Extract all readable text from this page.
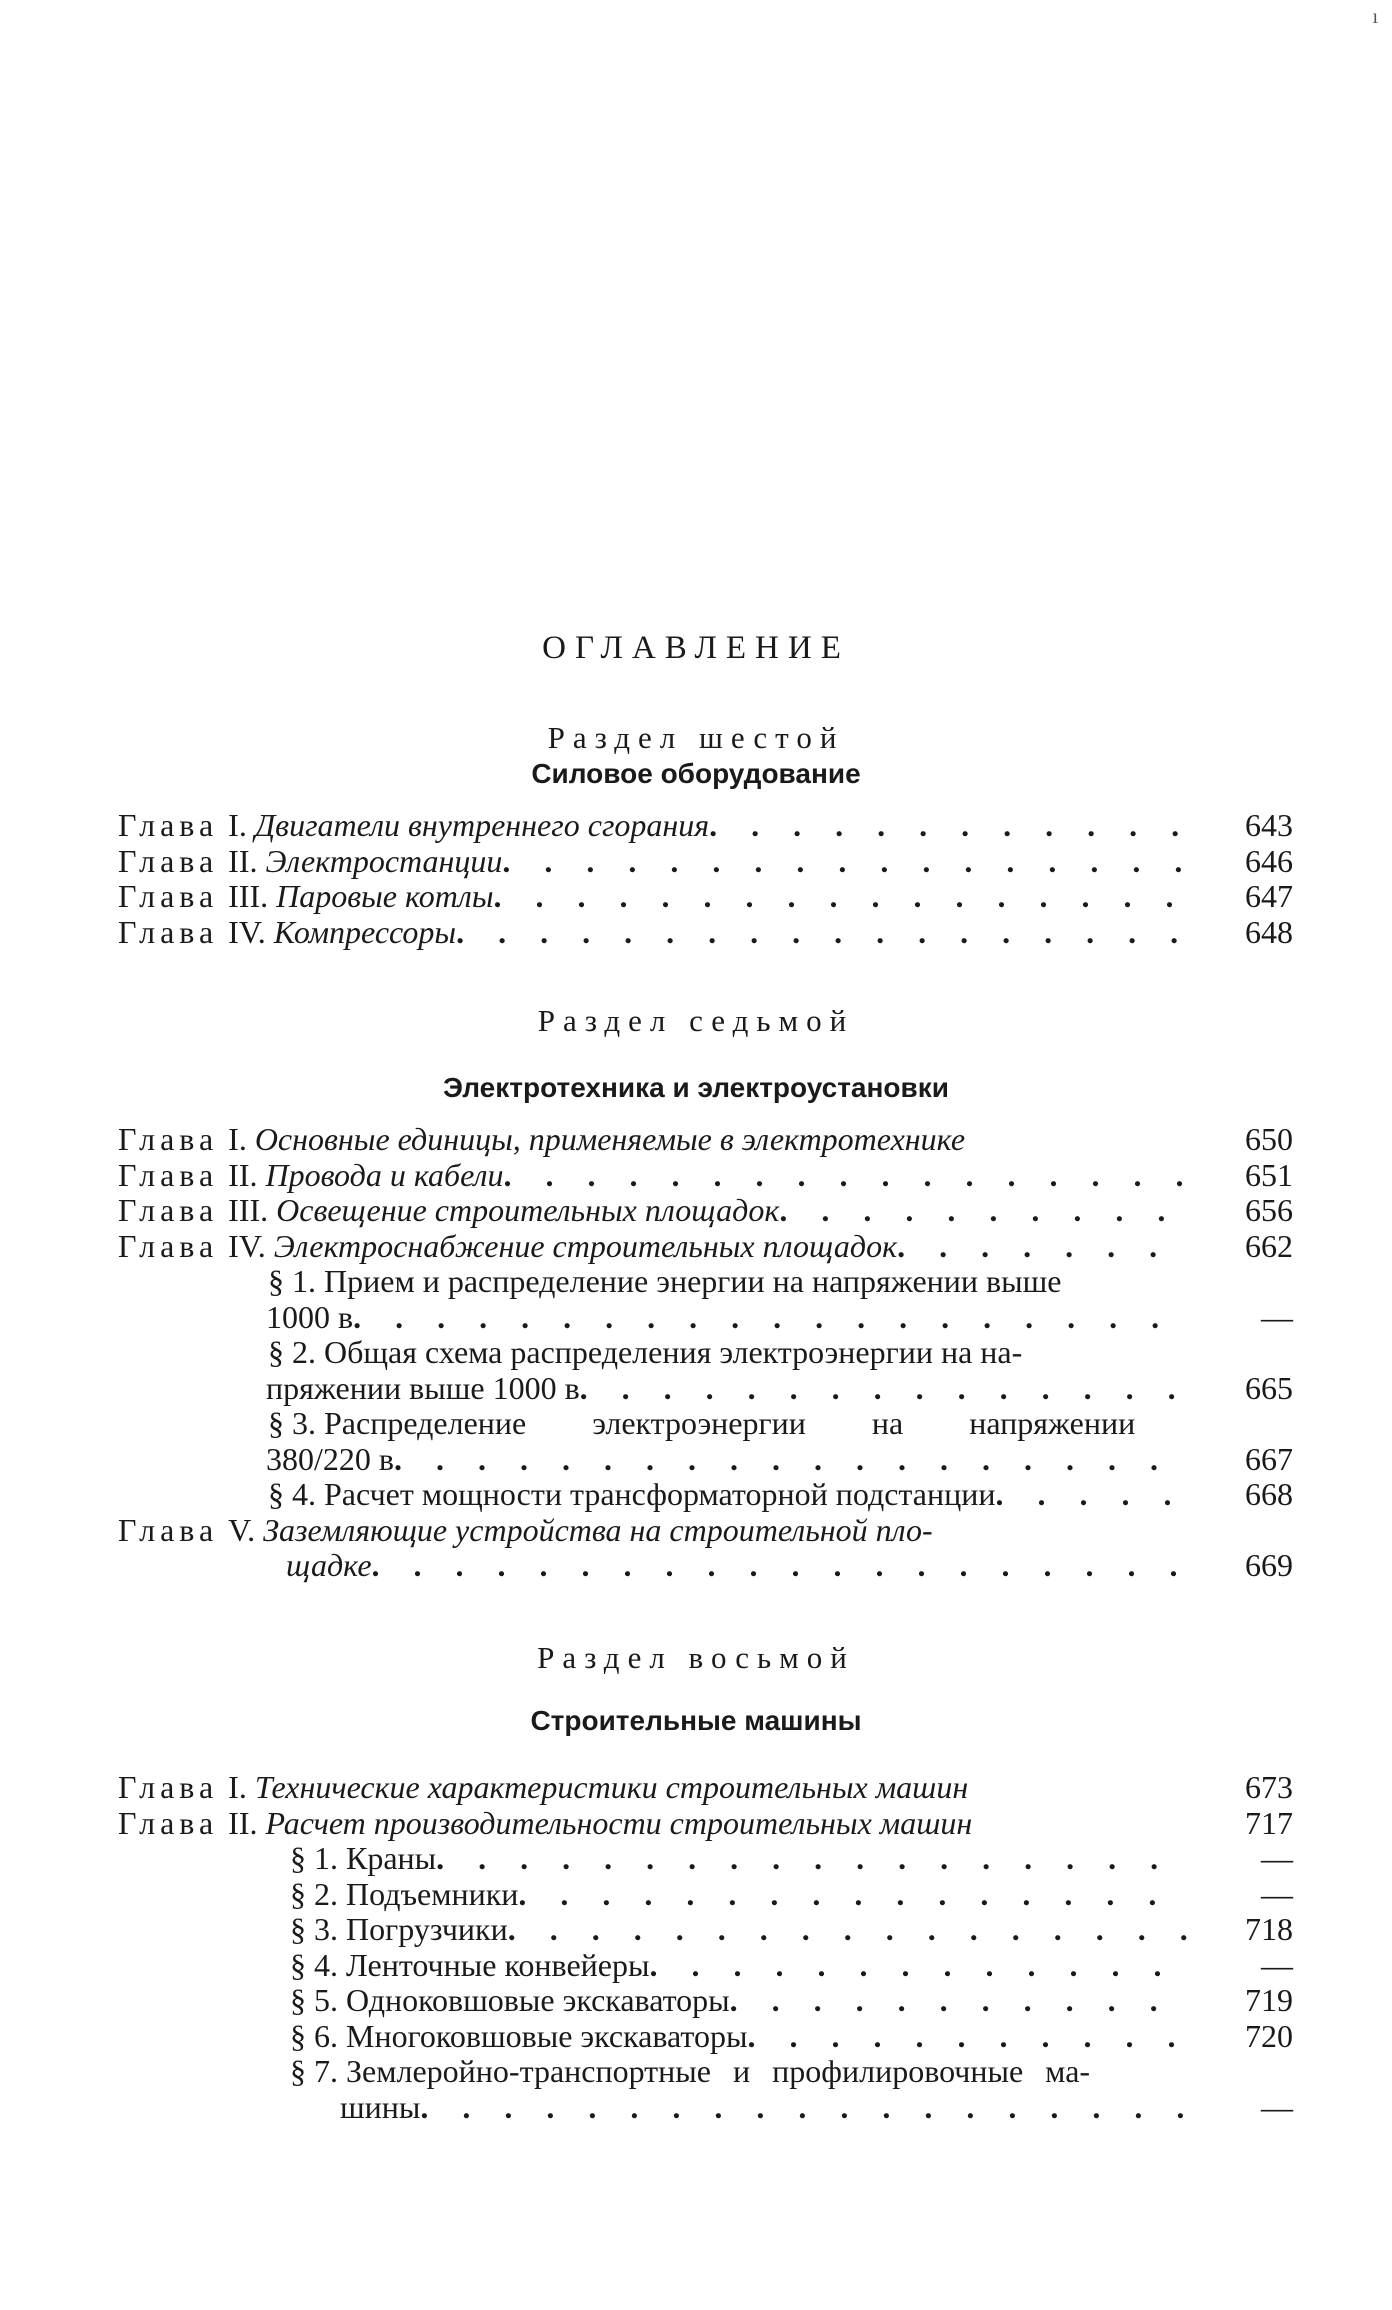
ı
ОГЛАВЛЕНИЕ
Раздел шестой
Силовое оборудование
Глава I. Двигатели внутреннего сгорания . . .	643
Глава II. Электростанции . . .	646
Глава III. Паровые котлы . . .	647
Глава IV. Компрессоры . . .	648
Раздел седьмой
Электротехника и электроустановки
Глава I. Основные единицы, применяемые в электротехнике	650
Глава II. Провода и кабели . . .	651
Глава III. Освещение строительных площадок . . .	656
Глава IV. Электроснабжение строительных площадок . . .	662
§ 1. Прием и распределение энергии на напряжении выше
1000 в . . .	—
§ 2. Общая схема распределения электроэнергии на на-
пряжении выше 1000 в . . .	665
§ 3. Распределение электроэнергии на напряжении
380/220 в . . .	667
§ 4. Расчет мощности трансформаторной подстанции . . .	668
Глава V. Заземляющие устройства на строительной пло-
щадке . . .	669
Раздел восьмой
Строительные машины
Глава I. Технические характеристики строительных машин	673
Глава II. Расчет производительности строительных машин	717
§ 1. Краны . . .	—
§ 2. Подъемники . . .	—
§ 3. Погрузчики . . .	718
§ 4. Ленточные конвейеры . . .	—
§ 5. Одноковшовые экскаваторы . . .	719
§ 6. Многоковшовые экскаваторы . . .	720
§ 7. Землеройно-транспортные и профилировочные ма-
шины . . .	—
